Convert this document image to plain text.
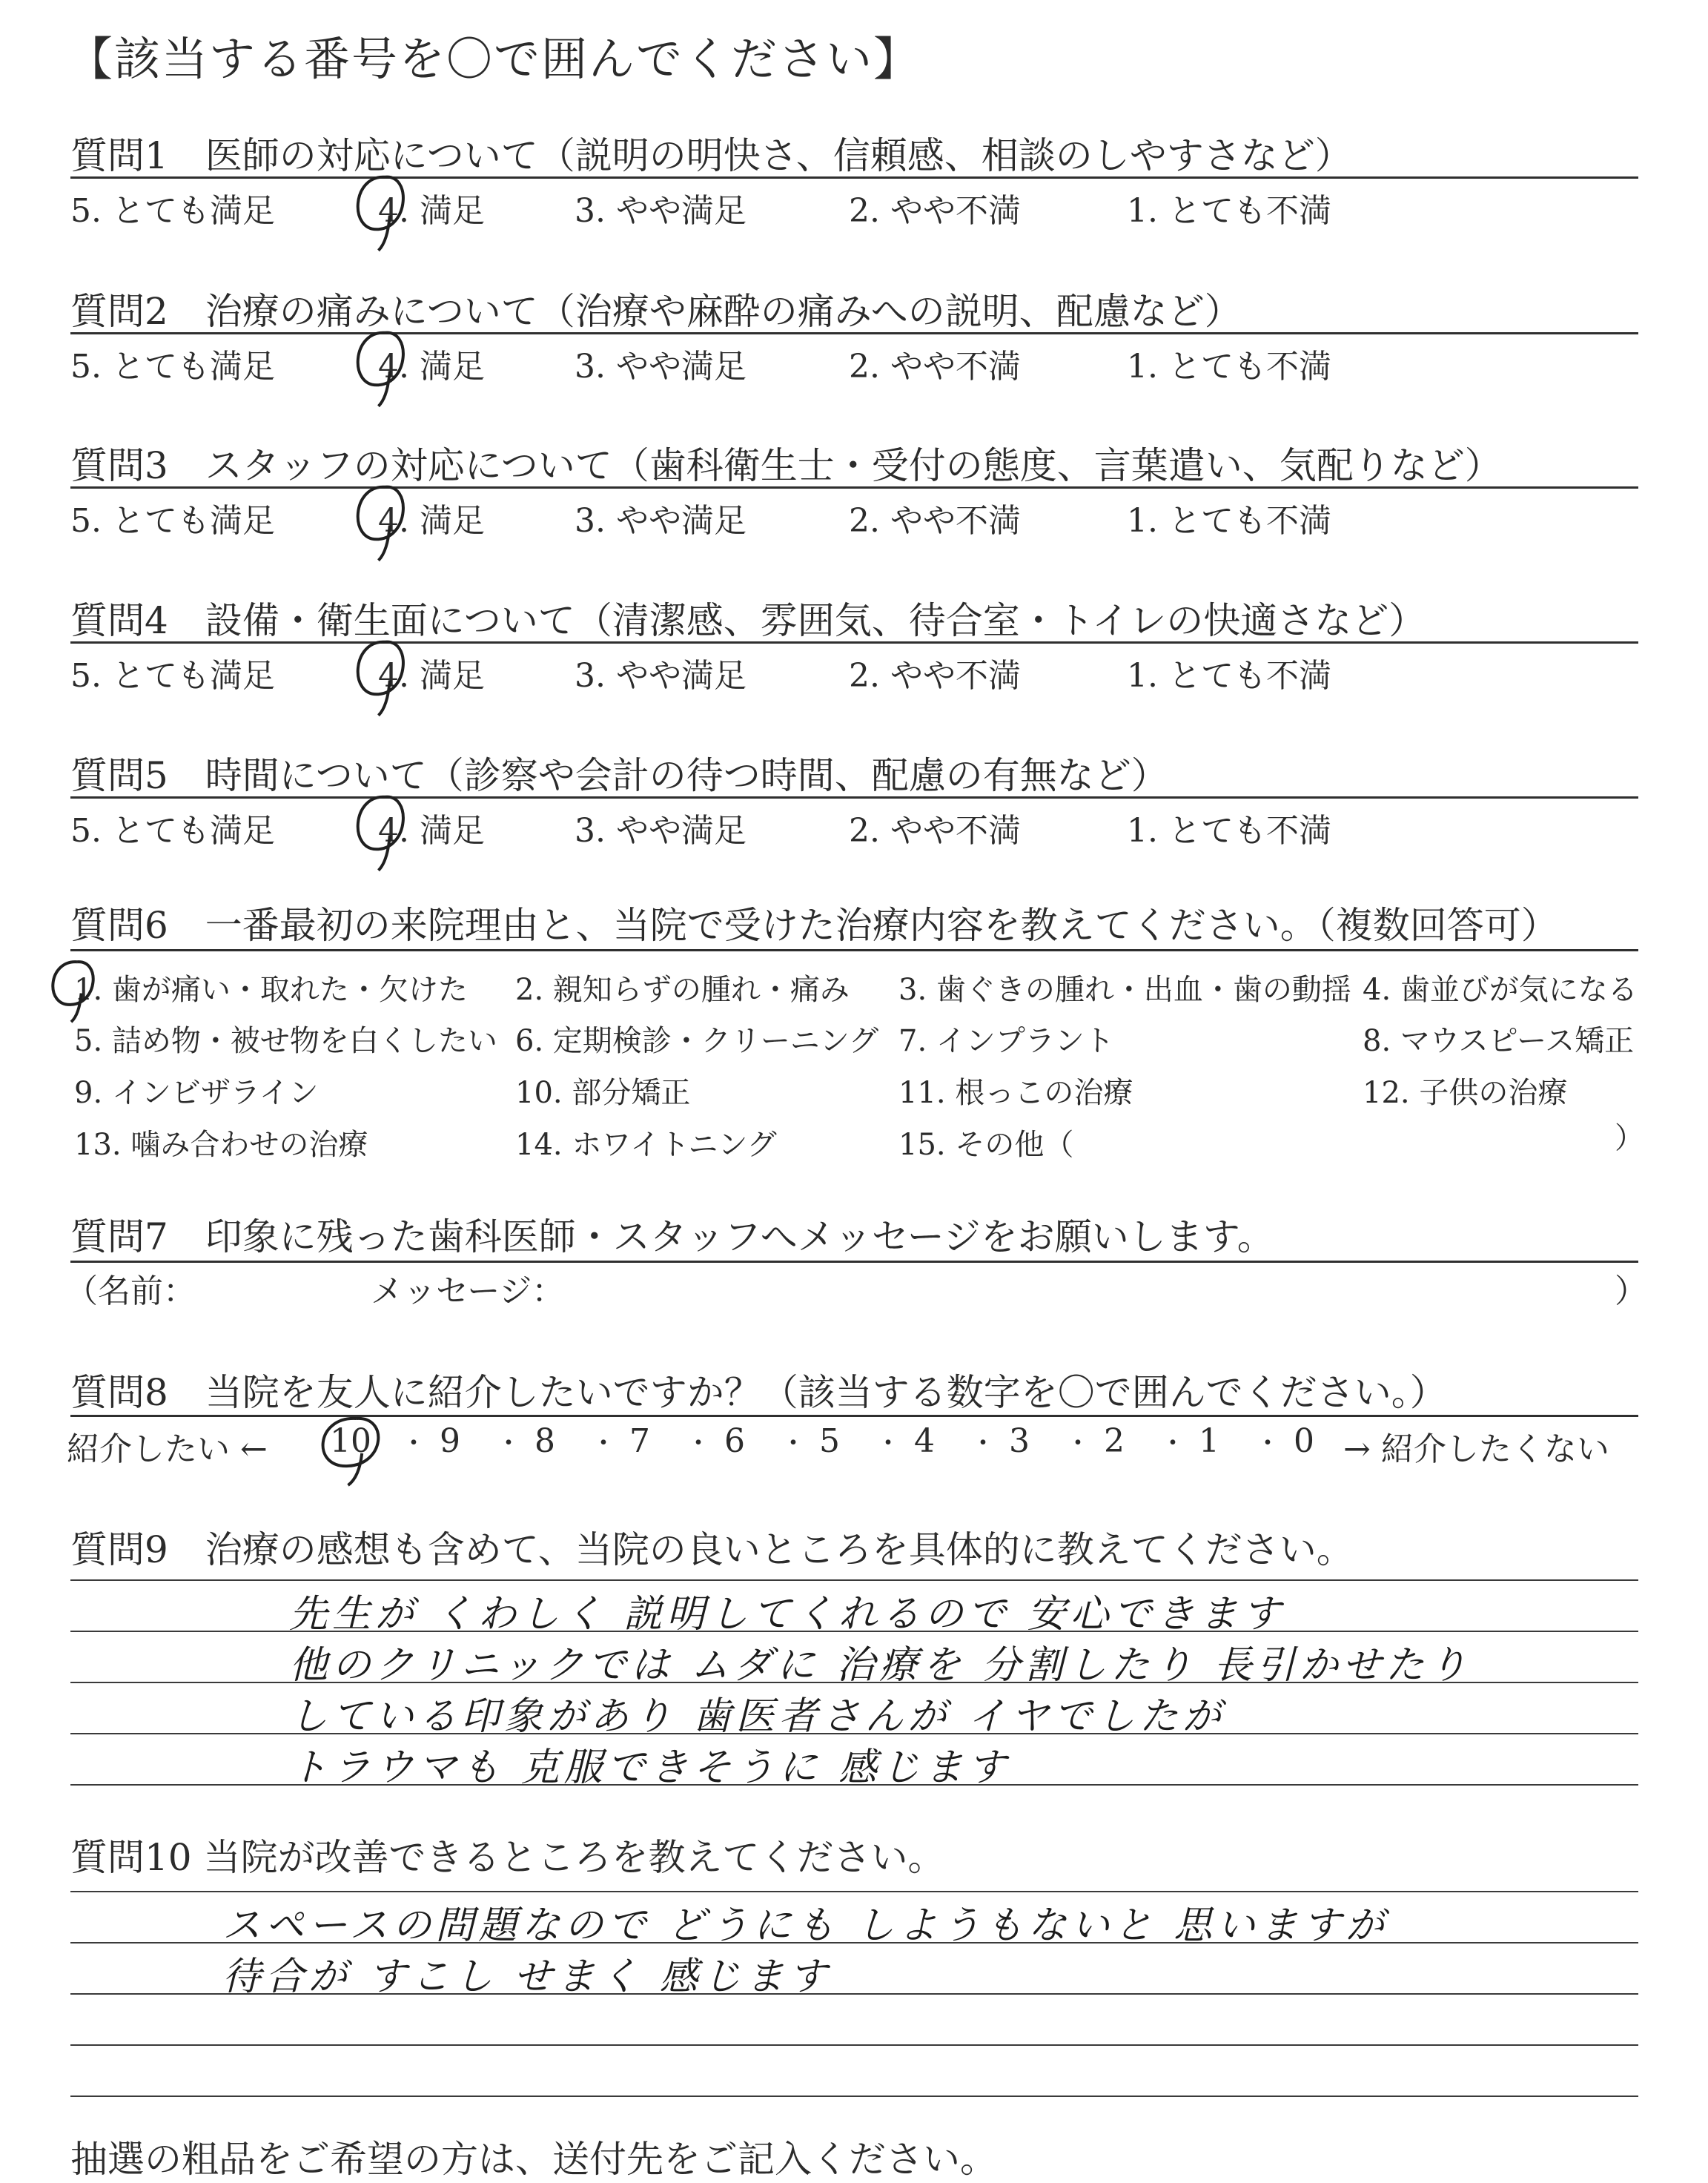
【該当する番号を〇で囲んでください】
質問1　医師の対応について（説明の明快さ、信頼感、相談のしやすさなど）
5. とても満足	4. 満足	3. やや満足	2. やや不満	1. とても不満
質問2　治療の痛みについて（治療や麻酔の痛みへの説明、配慮など）
5. とても満足	4. 満足	3. やや満足	2. やや不満	1. とても不満
質問3　スタッフの対応について（歯科衛生士・受付の態度、言葉遣い、気配りなど）
5. とても満足	4. 満足	3. やや満足	2. やや不満	1. とても不満
質問4　設備・衛生面について（清潔感、雰囲気、待合室・トイレの快適さなど）
5. とても満足	4. 満足	3. やや満足	2. やや不満	1. とても不満
質問5　時間について（診察や会計の待つ時間、配慮の有無など）
5. とても満足	4. 満足	3. やや満足	2. やや不満	1. とても不満
質問6　一番最初の来院理由と、当院で受けた治療内容を教えてください。（複数回答可）
1. 歯が痛い・取れた・欠けた 2. 親知らずの腫れ・痛み 3. 歯ぐきの腫れ・出血・歯の動揺 4. 歯並びが気になる
5. 詰め物・被せ物を白くしたい 6. 定期検診・クリーニング 7. インプラント	8. マウスピース矯正
9. インビザライン	10. 部分矯正	11. 根っこの治療	12. 子供の治療
13. 噛み合わせの治療	14. ホワイトニング	15. その他（	）
質問7　印象に残った歯科医師・スタッフへメッセージをお願いします。
（名前：	メッセージ：	）
質問8　当院を友人に紹介したいですか？（該当する数字を〇で囲んでください。）
紹介したい ← 10 ・ 9 ・ 8 ・ 7 ・ 6 ・ 5 ・ 4 ・ 3 ・ 2 ・ 1 ・ 0 → 紹介したくない
質問9　治療の感想も含めて、当院の良いところを具体的に教えてください。
先生が くわしく 説明してくれるので 安心できます
他のクリニックでは ムダに 治療を 分割したり 長引かせたり
している印象があり 歯医者さんが イヤでしたが
トラウマも 克服できそうに 感じます
質問10 当院が改善できるところを教えてください。
スペースの問題なので どうにも しようもないと 思いますが
待合が すこし せまく 感じます
抽選の粗品をご希望の方は、送付先をご記入ください。
